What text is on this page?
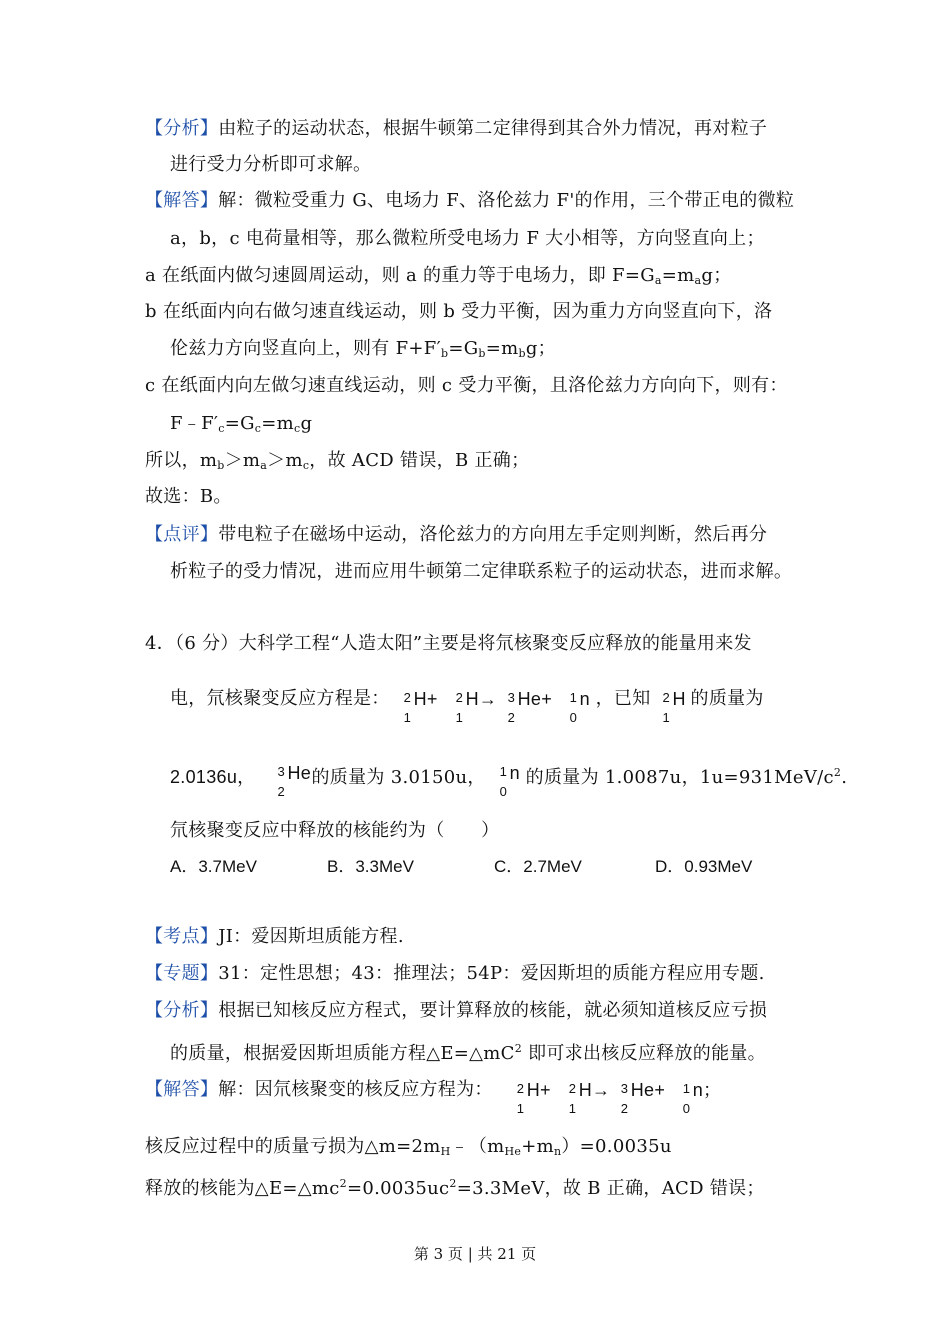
【分析】由粒子的运动状态，根据牛顿第二定律得到其合外力情况，再对粒子
进行受力分析即可求解。
【解答】解：微粒受重力 G、电场力 F、洛伦兹力 F'的作用，三个带正电的微粒
a，b，c 电荷量相等，那么微粒所受电场力 F 大小相等，方向竖直向上；
a 在纸面内做匀速圆周运动，则 a 的重力等于电场力，即 $F=G_a=m_ag$；
b 在纸面内向右做匀速直线运动，则 b 受力平衡，因为重力方向竖直向下，洛
伦兹力方向竖直向上，则有 $F+F'_b=G_b=m_bg$；
c 在纸面内向左做匀速直线运动，则 c 受力平衡，且洛伦兹力方向向下，则有：
$F﹣F'_c=G_c=m_cg$
所以，$m_b>m_a>m_c$，故 ACD 错误，B 正确；
故选：B。
【点评】带电粒子在磁场中运动，洛伦兹力的方向用左手定则判断，然后再分
析粒子的受力情况，进而应用牛顿第二定律联系粒子的运动状态，进而求解。
4．（6 分）大科学工程“人造太阳”主要是将氘核聚变反应释放的能量用来发
电，氘核聚变反应方程是： 2
1
H+ 2
1
H→ 3
2
He+ 1
0
n ，已知 2
1
H 的质量为
2.0136u， 3
2
He 的质量为 3.0150u， 1
0
n 的质量为 1.0087u，$1u=931MeV/c^2$.
氘核聚变反应中释放的核能约为（　　）
A．3.7MeV	B．3.3MeV	C．2.7MeV	D．0.93MeV
【考点】JI：爱因斯坦质能方程.
【专题】31：定性思想；43：推理法；54P：爱因斯坦的质能方程应用专题.
【分析】根据已知核反应方程式，要计算释放的核能，就必须知道核反应亏损
的质量，根据爱因斯坦质能方程$\triangle E=\triangle mC^2$ 即可求出核反应释放的能量。
【解答】解：因氘核聚变的核反应方程为： 2
1
H+ 2
1
H→ 3
2
He+ 1
0
n；
核反应过程中的质量亏损为$\triangle m=2m_H﹣(m_{He}+m_n)=0.0035u$
释放的核能为$\triangle E=\triangle mc^2=0.0035uc^2=3.3MeV$，故 B 正确，ACD 错误；
第 3 页 | 共 21 页
